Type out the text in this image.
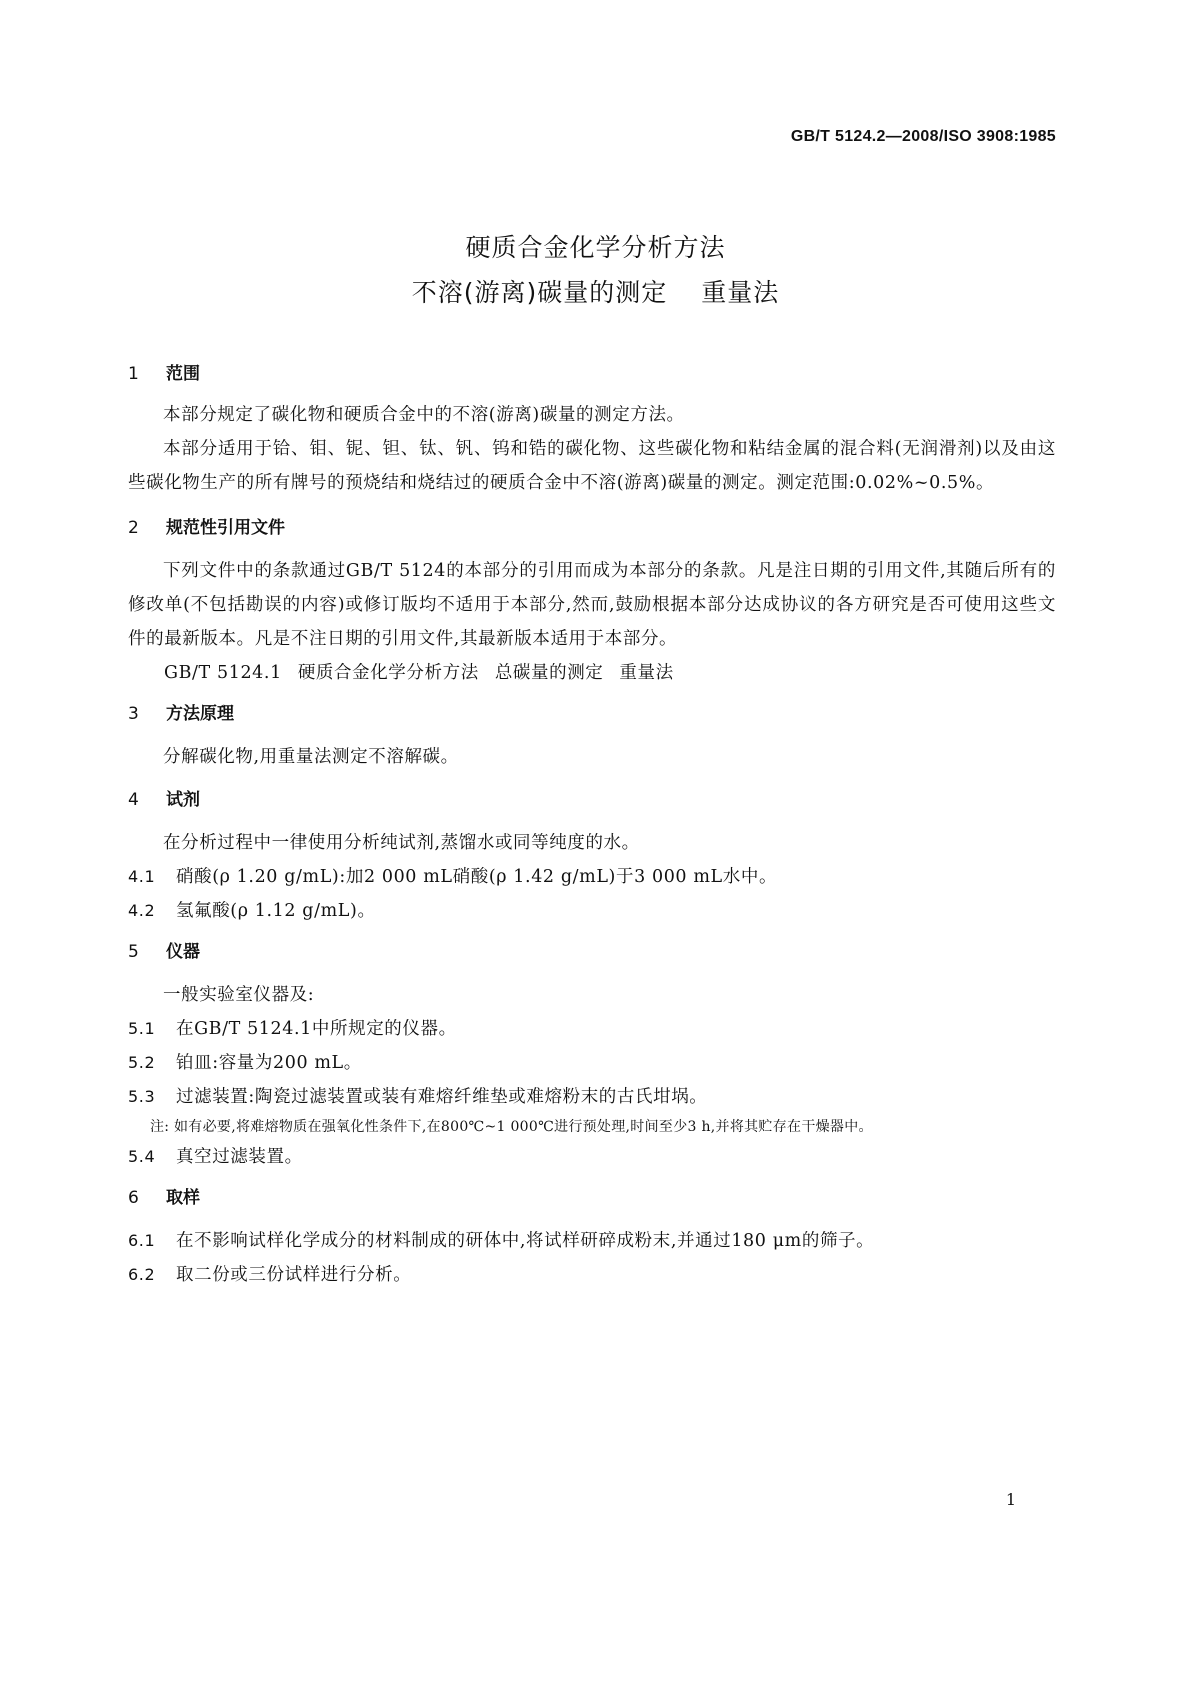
GB/T 5124.2—2008/ISO 3908:1985
硬质合金化学分析方法
不溶(游离)碳量的测定 重量法
1 范围
本部分规定了碳化物和硬质合金中的不溶(游离)碳量的测定方法。
本部分适用于铪、钼、铌、钽、钛、钒、钨和锆的碳化物、这些碳化物和粘结金属的混合料(无润滑剂)以及由这些碳化物生产的所有牌号的预烧结和烧结过的硬质合金中不溶(游离)碳量的测定。测定范围:0.02%~0.5%。
2 规范性引用文件
下列文件中的条款通过GB/T 5124的本部分的引用而成为本部分的条款。凡是注日期的引用文件,其随后所有的修改单(不包括勘误的内容)或修订版均不适用于本部分,然而,鼓励根据本部分达成协议的各方研究是否可使用这些文件的最新版本。凡是不注日期的引用文件,其最新版本适用于本部分。
GB/T 5124.1 硬质合金化学分析方法 总碳量的测定 重量法
3 方法原理
分解碳化物,用重量法测定不溶解碳。
4 试剂
在分析过程中一律使用分析纯试剂,蒸馏水或同等纯度的水。
4.1 硝酸(ρ 1.20 g/mL):加2 000 mL硝酸(ρ 1.42 g/mL)于3 000 mL水中。
4.2 氢氟酸(ρ 1.12 g/mL)。
5 仪器
一般实验室仪器及:
5.1 在GB/T 5124.1中所规定的仪器。
5.2 铂皿:容量为200 mL。
5.3 过滤装置:陶瓷过滤装置或装有难熔纤维垫或难熔粉末的古氏坩埚。
注: 如有必要,将难熔物质在强氧化性条件下,在800℃~1 000℃进行预处理,时间至少3 h,并将其贮存在干燥器中。
5.4 真空过滤装置。
6 取样
6.1 在不影响试样化学成分的材料制成的研体中,将试样研碎成粉末,并通过180 μm的筛子。
6.2 取二份或三份试样进行分析。
1
